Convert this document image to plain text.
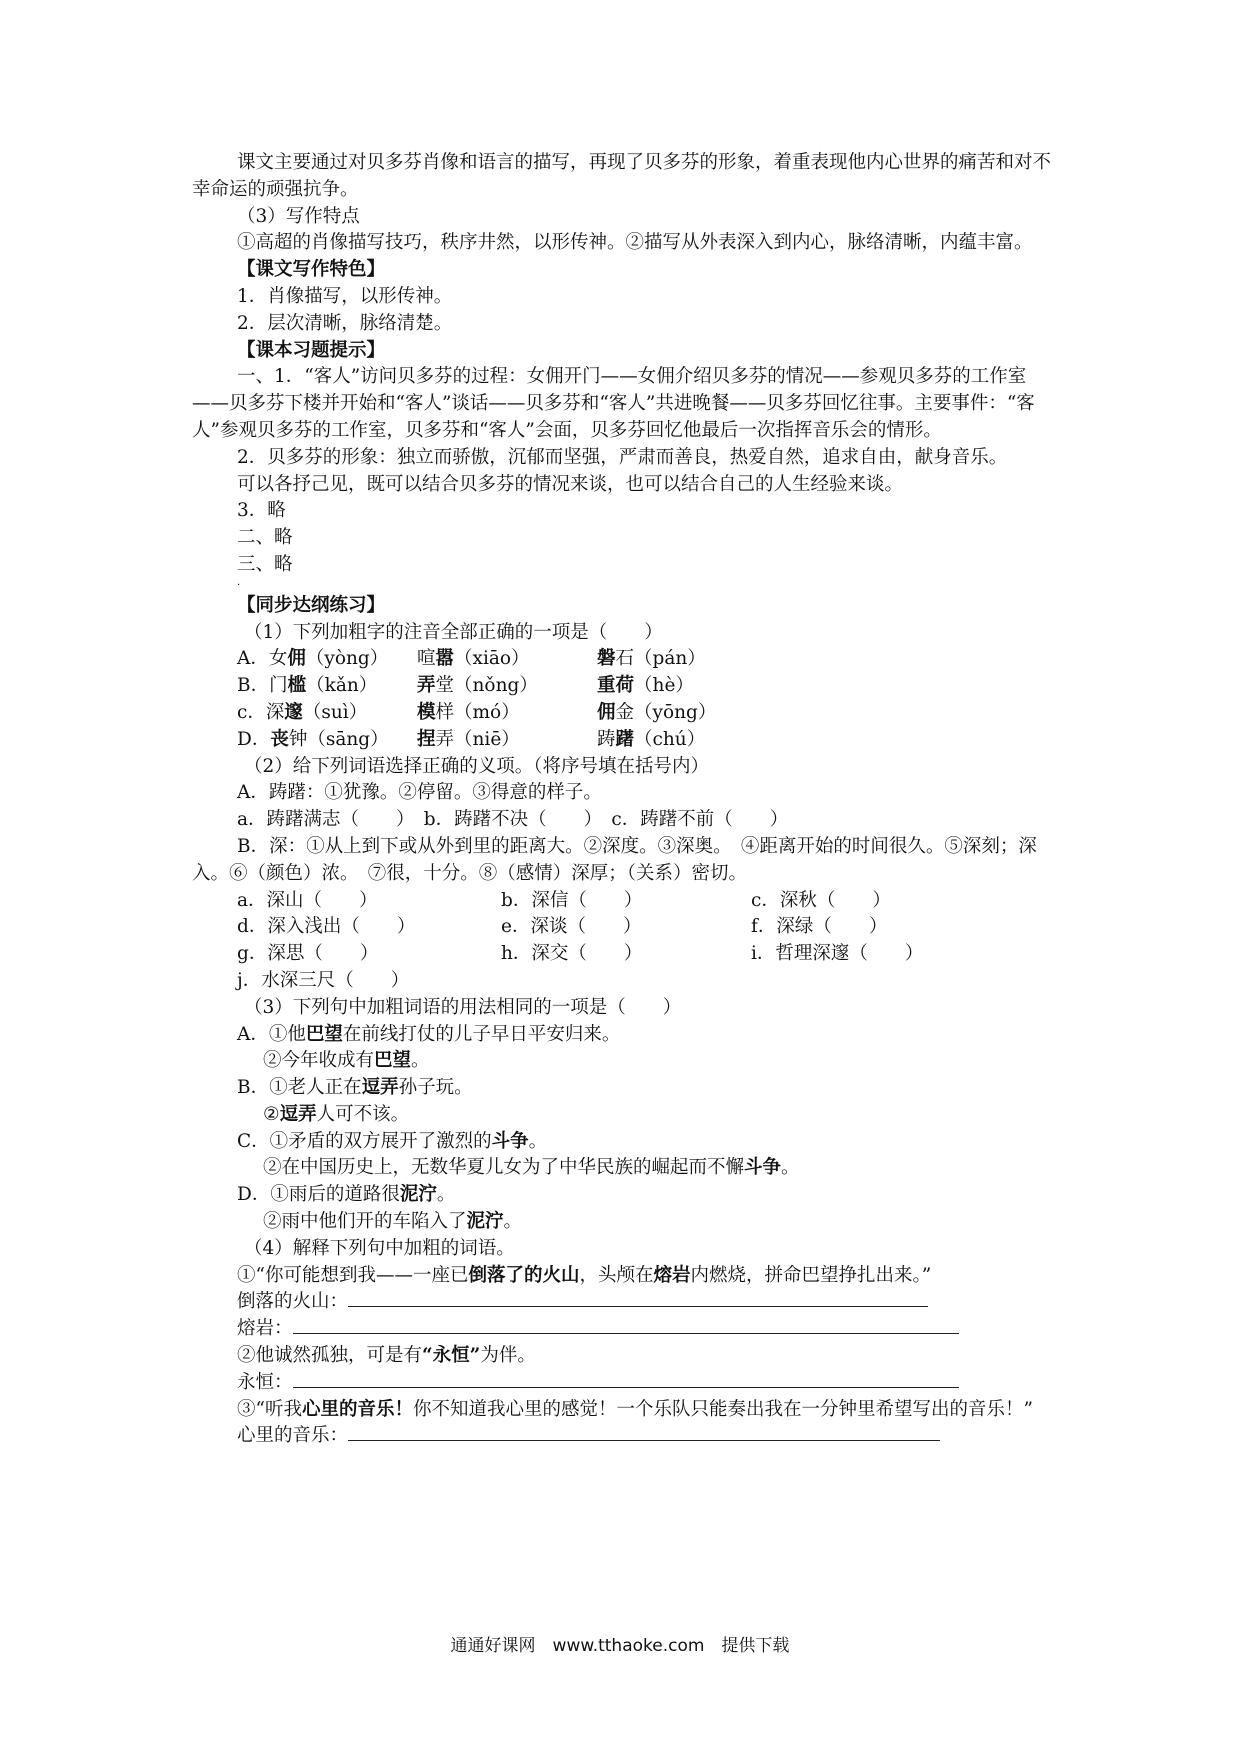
课文主要通过对贝多芬肖像和语言的描写，再现了贝多芬的形象，着重表现他内心世界的痛苦和对不幸命运的顽强抗争。

（3）写作特点

①高超的肖像描写技巧，秩序井然，以形传神。②描写从外表深入到内心，脉络清晰，内蕴丰富。

【课文写作特色】

1．肖像描写，以形传神。

2．层次清晰，脉络清楚。

【课本习题提示】

一、1．“客人”访问贝多芬的过程：女佣开门——女佣介绍贝多芬的情况——参观贝多芬的工作室——贝多芬下楼并开始和“客人”谈话——贝多芬和“客人”共进晚餐——贝多芬回忆往事。主要事件：“客人”参观贝多芬的工作室，贝多芬和“客人”会面，贝多芬回忆他最后一次指挥音乐会的情形。

2．贝多芬的形象：独立而骄傲，沉郁而坚强，严肃而善良，热爱自然，追求自由，献身音乐。

可以各抒己见，既可以结合贝多芬的情况来谈，也可以结合自己的人生经验来谈。

3．略

二、略

三、略

·

【同步达纲练习】

（1）下列加粗字的注音全部正确的一项是（　　）

A．女佣（yòng）	喧嚣（xiāo）	磐石（pán）
B．门槛（kǎn）	弄堂（nǒng）	重荷（hè）
c．深邃（suì）	模样（mó）	佣金（yōng）
D．丧钟（sāng）	捏弄（niē）	踌躇（chú）

（2）给下列词语选择正确的义项。（将序号填在括号内）

A．踌躇：①犹豫。②停留。③得意的样子。

a．踌躇满志（　　）　b．踌躇不决（　　）　c．踌躇不前（　　）

B．深：①从上到下或从外到里的距离大。②深度。③深奥。　④距离开始的时间很久。⑤深刻；深入。⑥（颜色）浓。　⑦很，十分。⑧（感情）深厚；（关系）密切。

a．深山（　　）	b．深信（　　）	c．深秋（　　）
d．深入浅出（　　）	e．深谈（　　）	f．深绿（　　）
g．深思（　　）	h．深交（　　）	i．哲理深邃（　　）
j．水深三尺（　　）

（3）下列句中加粗词语的用法相同的一项是（　　）

A．①他巴望在前线打仗的儿子早日平安归来。

②今年收成有巴望。

B．①老人正在逗弄孙子玩。

②逗弄人可不该。

C．①矛盾的双方展开了激烈的斗争。

②在中国历史上，无数华夏儿女为了中华民族的崛起而不懈斗争。

D．①雨后的道路很泥泞。

②雨中他们开的车陷入了泥泞。

（4）解释下列句中加粗的词语。

①“你可能想到我——一座已倒落了的火山，头颅在熔岩内燃烧，拼命巴望挣扎出来。”

倒落的火山：

熔岩：

②他诚然孤独，可是有“永恒”为伴。

永恒：

③“听我心里的音乐！你不知道我心里的感觉！一个乐队只能奏出我在一分钟里希望写出的音乐！”

心里的音乐：

通通好课网　www.tthaoke.com　提供下载
